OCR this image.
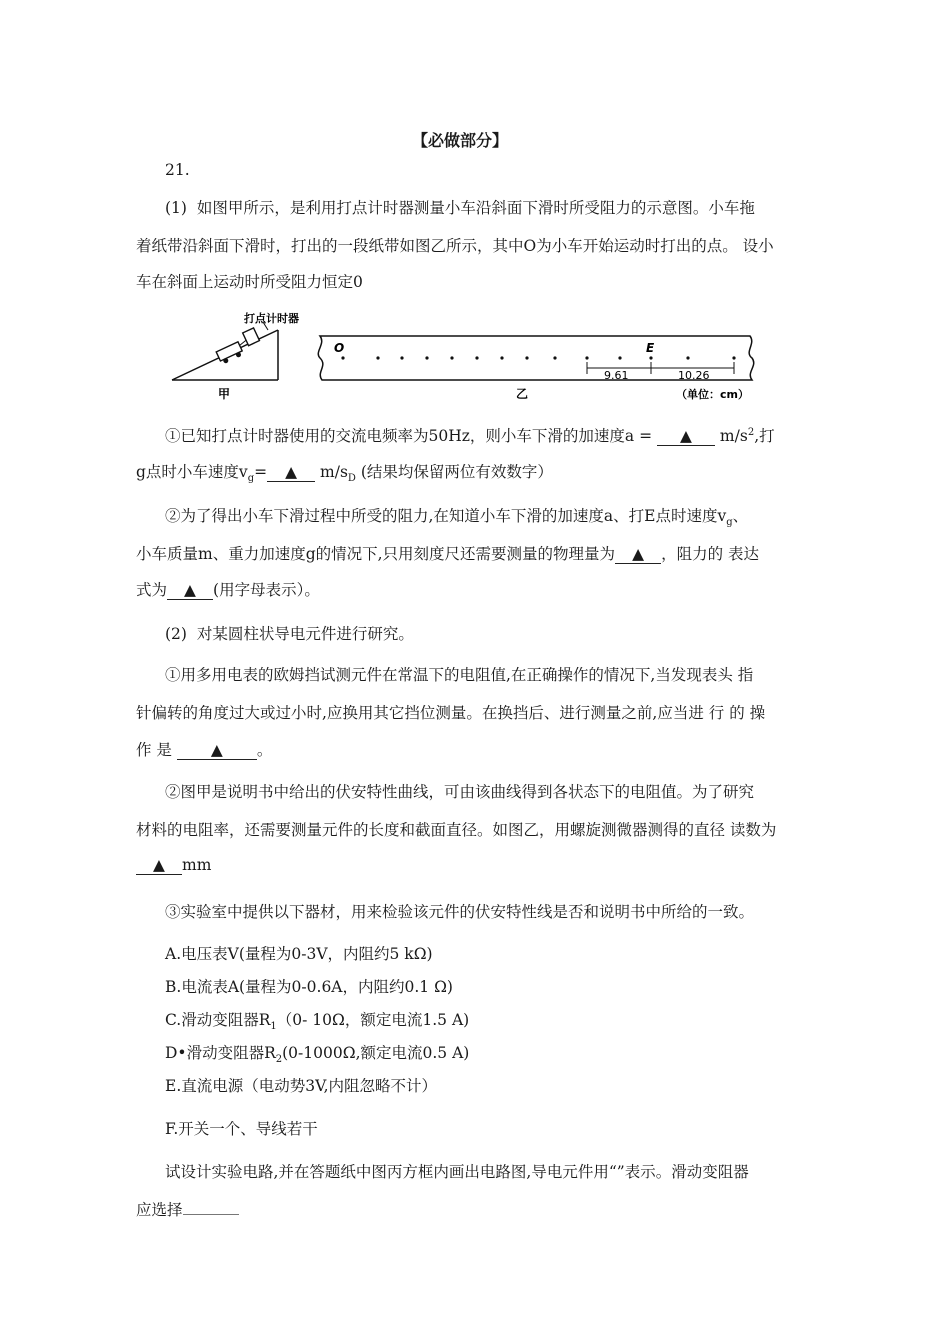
【必做部分】
21.
(1) 如图甲所示，是利用打点计时器测量小车沿斜面下滑时所受阻力的示意图。小车拖
着纸带沿斜面下滑时，打出的一段纸带如图乙所示，其中O为小车开始运动时打出的点。 设小
车在斜面上运动时所受阻力恒定0
打点计时器
甲
O	E
9.61	10.26
乙	（单位：cm）
①已知打点计时器使用的交流电频率为50Hz，则小车下滑的加速度a = ▲ $m/s^2$,打
g点时小车速度$v_g=$ ▲ $m/s_D$ (结果均保留两位有效数字）
②为了得出小车下滑过程中所受的阻力,在知道小车下滑的加速度a、打E点时速度$v_g$、
小车质量m、重力加速度g的情况下,只用刻度尺还需要测量的物理量为 ▲ ，阻力的 表达
式为 ▲ (用字母表示）。
(2) 对某圆柱状导电元件进行研究。
①用多用电表的欧姆挡试测元件在常温下的电阻值,在正确操作的情况下,当发现表头 指
针偏转的角度过大或过小时,应换用其它挡位测量。在换挡后、进行测量之前,应当进 行 的 操
作 是 ▲ 。
②图甲是说明书中给出的伏安特性曲线，可由该曲线得到各状态下的电阻值。为了研究
材料的电阻率，还需要测量元件的长度和截面直径。如图乙，用螺旋测微器测得的直径 读数为
▲ mm
③实验室中提供以下器材，用来检验该元件的伏安特性线是否和说明书中所给的一致。
A.电压表V(量程为0-3V，内阻约5 kΩ)
B.电流表A(量程为0-0.6A，内阻约0.1 Ω)
C.滑动变阻器$R_1(0-$ 10Ω，额定电流1.5 A)
D•滑动变阻器$R_2(0-1000\Omega$,额定电流0.5 A)
E.直流电源（电动势3V,内阻忽略不计）
F.开关一个、导线若干
试设计实验电路,并在答题纸中图丙方框内画出电路图,导电元件用“”表示。滑动变阻器
应选择
